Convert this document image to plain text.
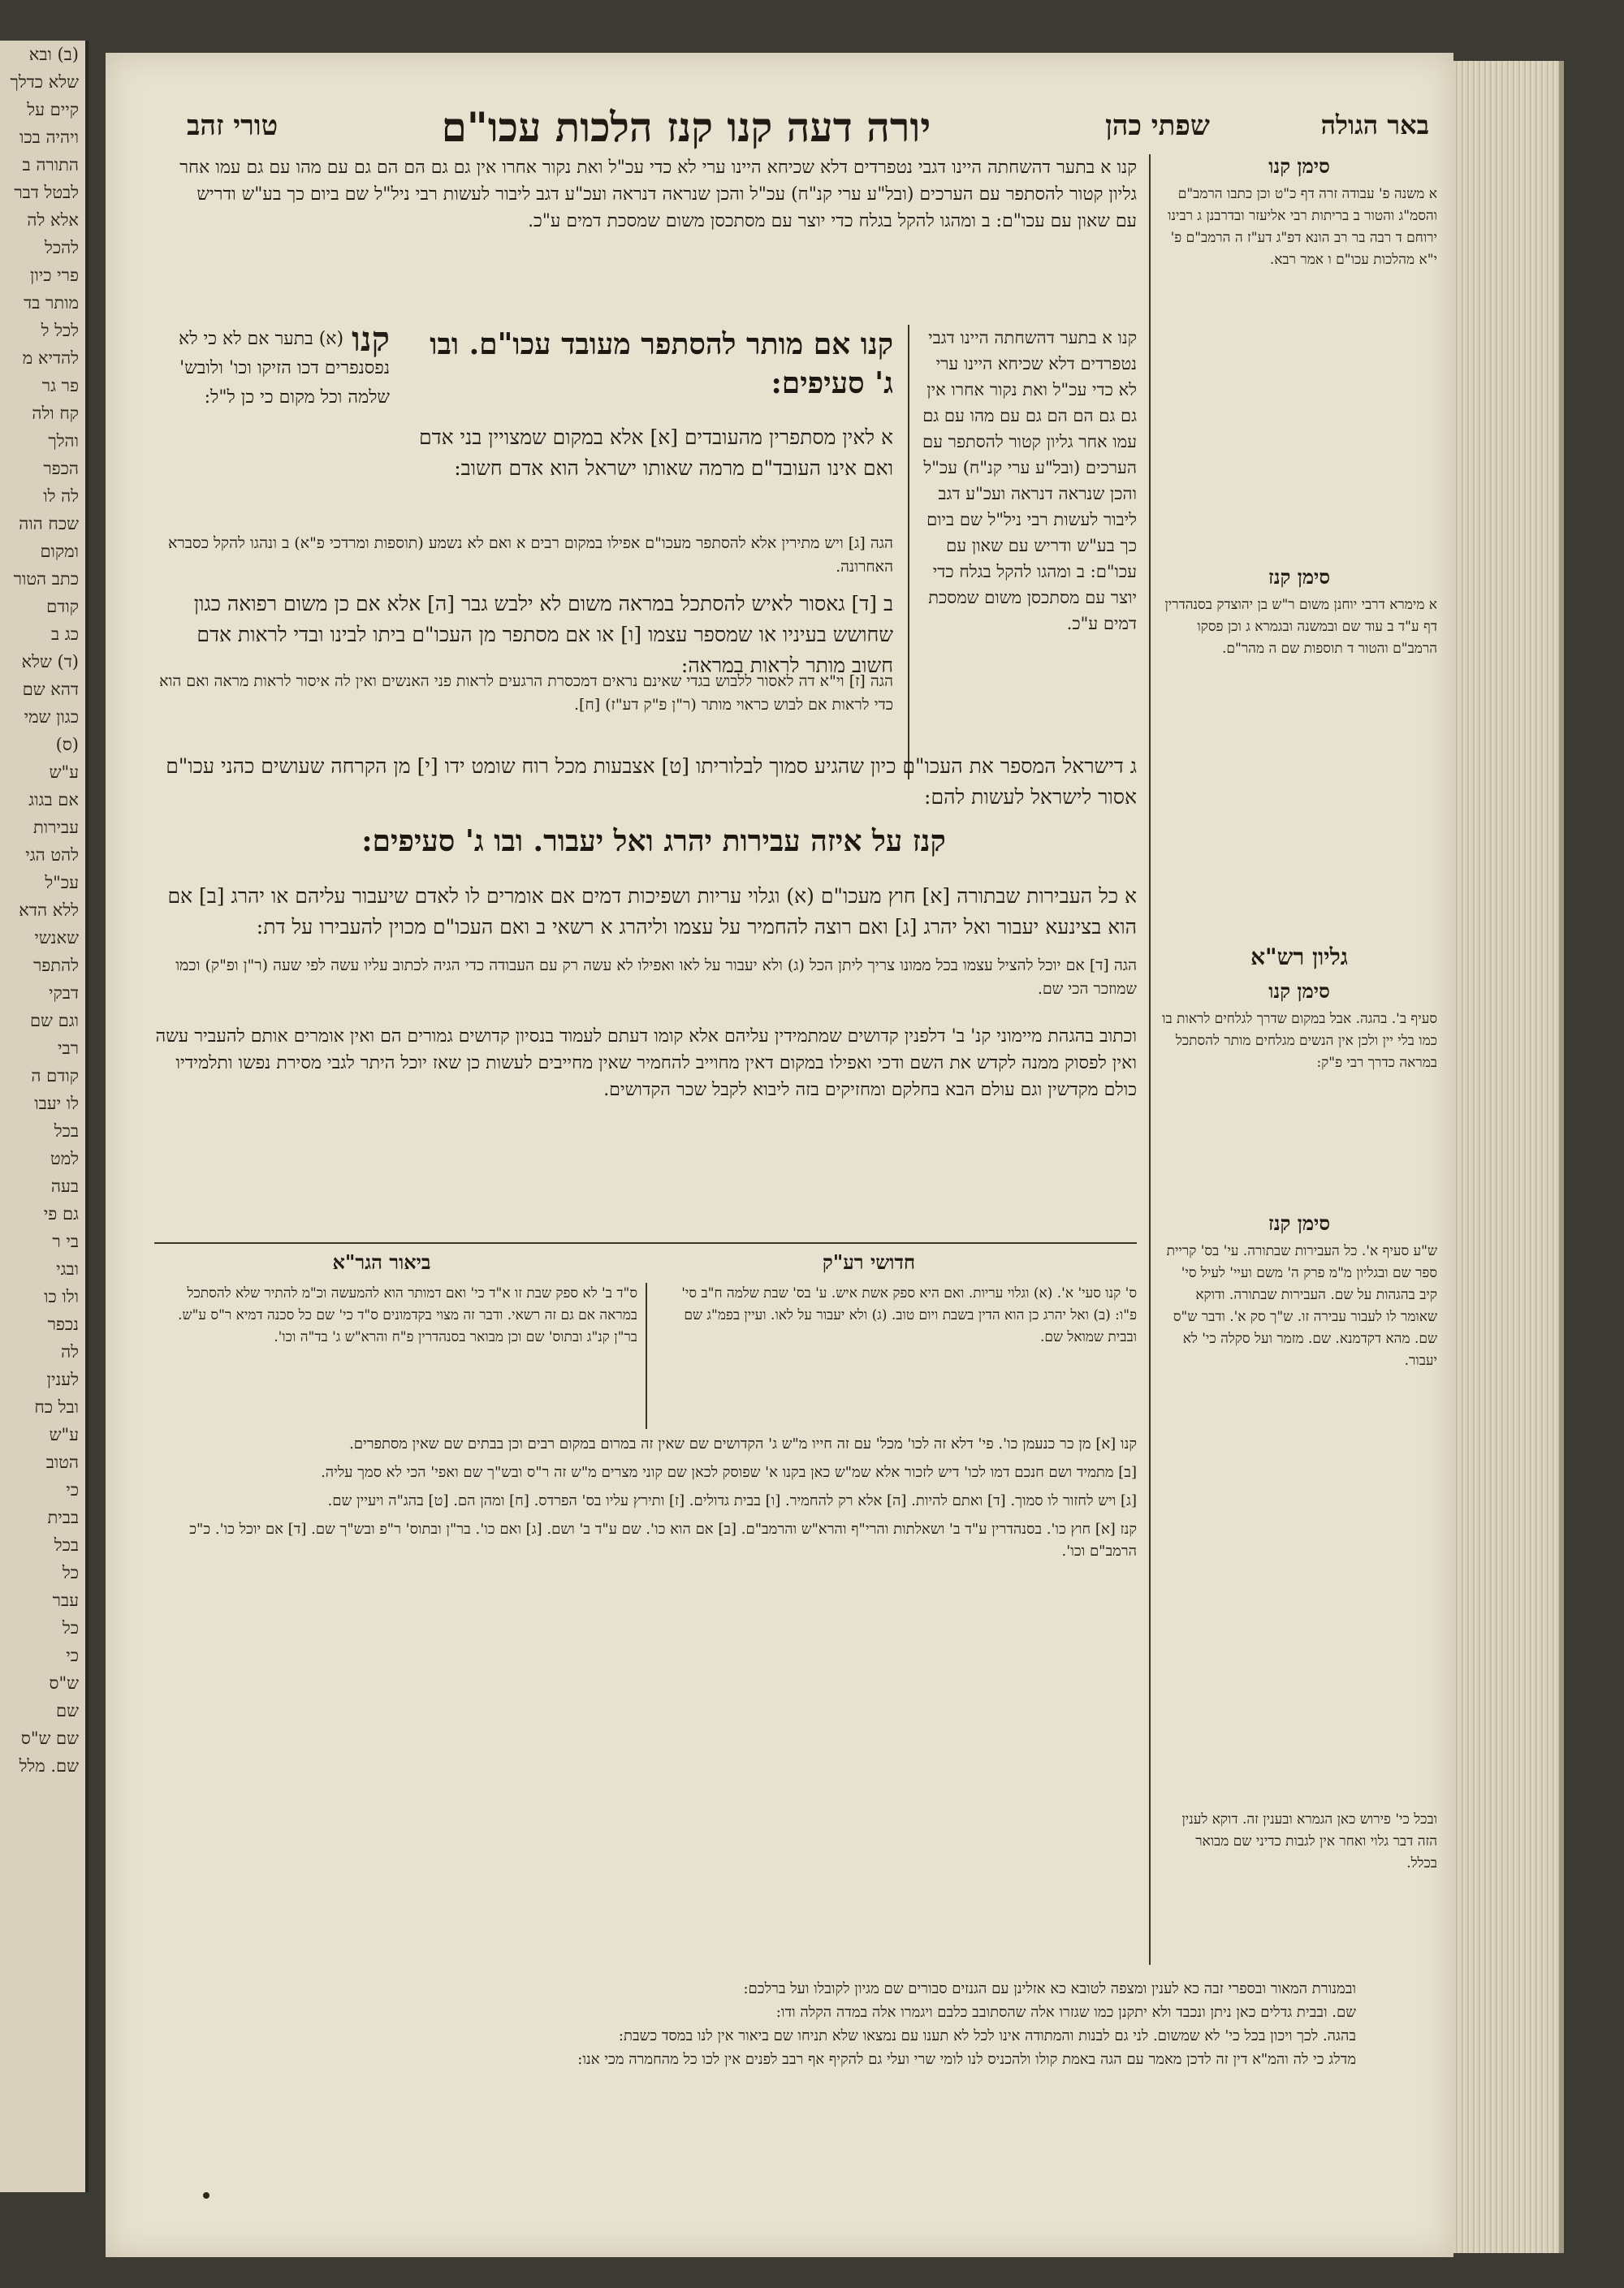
(ב) ובא
שלא כדלך
קיים על
ויהיה בכו
התורה ב
לבטל דבר
אלא לה
להכל
פרי כיון
מותר בד
לכל ל
להדיא מ
פר גר
קח ולה
והלך
הכפר
לה לו
שכח הוה
ומקום
כתב הטור
קודם
כג ב
(ד) שלא
דהא שם
כגון שמי
(ס)
ע"ש
אם בגוג
עבירות
להט הגי
עכ"ל
ללא הדא
שאנשי
להתפר
דבקי
וגם שם
רבי
קודם ה
לו יעבו
בכל
למט
בעה
גם פי
בי ר
ובגי
ולו כו
נכפר
לה
לענין
ובל כח
ע"ש
הטוב
כי
בבית
בכל
כל
עבר
כל
כי
ש"ס
שם
שם ש"ס
שם. מלל
באר הגולה
שפתי כהן
יורה דעה קנו קנז הלכות עכו"ם
טורי זהב

קנו א בתער דהשחתה היינו דגבי נטפרדים דלא שכיחא היינו ערי לא כדי עכ"ל ואת נקור אחרו אין גם גם הם הם גם עם מהו עם גם עמו אחר גליון קטור להסתפר עם הערכים (ובל"ע ערי קנ"ח) עכ"ל והכן שנראה דנראה ועכ"ע דגב ליבור לעשות רבי ניל"ל שם ביום כך בע"ש ודריש עם שאון עם עכו"ם: ב ומהגו להקל בגלח כדי יוצר עם מסתכסן משום שמסכת דמים ע"כ.

קנו א בתער דהשחתה היינו דגבי נטפרדים דלא שכיחא היינו ערי לא כדי עכ"ל ואת נקור אחרו אין גם גם הם הם גם עם מהו עם גם עמו אחר גליון קטור להסתפר עם הערכים (ובל"ע ערי קנ"ח) עכ"ל והכן שנראה דנראה ועכ"ע דגב ליבור לעשות רבי ניל"ל שם ביום כך בע"ש ודריש עם שאון עם עכו"ם: ב ומהגו להקל בגלח כדי יוצר עם מסתכסן משום שמסכת דמים ע"כ.

קנו אם מותר להסתפר מעובד עכו"ם. ובו ג' סעיפים:
קנו

(א) בתער אם לא כי לא נפסנפרים דכו הזיקו וכו' ולובש' שלמה וכל מקום כי כן ל"ל:

א לאין מסתפרין מהעובדים [א] אלא במקום שמצויין בני אדם ואם אינו העובד"ם מרמה שאותו ישראל הוא אדם חשוב:

הגה [ג] ויש מתירין אלא להסתפר מעכו"ם אפילו במקום רבים א ואם לא נשמע (תוספות ומרדכי פ"א) ב ונהגו להקל כסברא האחרונה.

ב [ד] גאסור לאיש להסתכל במראה משום לא ילבש גבר [ה] אלא אם כן משום רפואה כגון שחושש בעיניו או שמספר עצמו [ו] או אם מסתפר מן העכו"ם ביתו לבינו ובדי לראות אדם חשוב מותר לראות במראה:

הגה [ז] וי"א דה לאסור ללבוש בגדי שאינם נראים דמכסרת הרגעים לראות פני האנשים ואין לה איסור לראות מראה ואם הוא כדי לראות אם לבוש כראוי מותר (ר"ן פ"ק דע"ז) [ח].

ג דישראל המספר את העכו"ם כיון שהגיע סמוך לבלוריתו [ט] אצבעות מכל רוח שומט ידו [י] מן הקרחה שעושים כהני עכו"ם אסור לישראל לעשות להם:

קנז על איזה עבירות יהרג ואל יעבור. ובו ג' סעיפים:

א כל העבירות שבתורה [א] חוץ מעכו"ם (א) וגלוי עריות ושפיכות דמים אם אומרים לו לאדם שיעבור עליהם או יהרג [ב] אם הוא בצינעא יעבור ואל יהרג [ג] ואם רוצה להחמיר על עצמו וליהרג א רשאי ב ואם העכו"ם מכוין להעבירו על דת:

הגה [ד] אם יוכל להציל עצמו בכל ממונו צריך ליתן הכל (ג) ולא יעבור על לאו ואפילו לא עשה רק עם העבודה כדי הגיה לכתוב עליו עשה לפי שעה (ר"ן ופ"ק) וכמו שמוזכר הכי שם.

וכתוב בהגהת מיימוני קנ' ב' דלפנין קדושים שמתמידין עליהם אלא קומו דעתם לעמוד בנסיון קדושים גמורים הם ואין אומרים אותם להעביר עשה ואין לפסוק ממנה לקדש את השם ודכי ואפילו במקום דאין מחוייב להחמיר שאין מחייבים לעשות כן שאז יוכל היתר לגבי מסירת נפשו ותלמידיו כולם מקדשין וגם עולם הבא בחלקם ומחזיקים בזה ליבוא לקבל שכר הקדושים.

חדושי רע"ק
ביאור הגר"א

ס' קנו סעי' א'. (א) וגלוי עריות. ואם היא ספק אשת איש. ע' בס' שבת שלמה ח"ב סי' פ"ו: (ב) ואל יהרג כן הוא הדין בשבת ויום טוב. (ג) ולא יעבור על לאו. ועיין בפמ"ג שם ובבית שמואל שם.

ס"ד ב' לא ספק שבת זו א"ד כי' ואם דמותר הוא להמעשה וכ"מ להתיר שלא להסתכל במראה אם גם זה רשאי. ודבר זה מצוי בקדמונים ס"ד כי' שם כל סכנה דמיא ר"ס ע"ש. בר"ן קנ"ג ובתוס' שם וכן מבואר בסנהדרין פ"ח והרא"ש ג' בד"ה וכו'.

קנו [א] מן כר כנעמן כו'. פי' דלא זה לכו' מכל' עם זה חייו מ"ש ג' הקדושים שם שאין זה במרום במקום רבים וכן בבתים שם שאין מסתפרים.

[ב] מתמיד ושם חנכם דמו לכו' דיש לזכור אלא שמ"ש כאן בקנו א' שפוסק לכאן שם קוני מצרים מ"ש זה ר"ס ובש"ך שם ואפי' הכי לא סמך עליה.

[ג] ויש לחזור לו סמוך. [ד] ואתם להיות. [ה] אלא רק להחמיר. [ו] בבית גדולים. [ז] ותירץ עליו בס' הפרדס. [ח] ומהן הם. [ט] בהג"ה ויעיין שם.

קנז [א] חוץ כו'. בסנהדרין ע"ד ב' ושאלתות והרי"ף והרא"ש והרמב"ם. [ב] אם הוא כו'. שם ע"ד ב' ושם. [ג] ואם כו'. בר"ן ובתוס' ר"פ ובש"ך שם. [ד] אם יוכל כו'. כ"כ הרמב"ם וכו'.

ובמנורת המאור ובספרי זבה כא לענין ומצפה לטובא כא אזלינן עם הגנזים סבורים שם מגיון לקובלו ועל ברלכם:
שם. ובבית גדלים כאן ניתן ונכבד ולא יתקנן כמו שגזרו אלה שהסתובב כלבם ויגמרו אלה במדה הקלה ודו:
בהגה. לכך ויכון בכל כי' לא שמשום. לני גם לבנות והמתודה אינו לכל לא תענו עם נמצאו שלא תניחו שם ביאור אין לנו במסד כשבת:
מדלג כי לה והמ"א דין זה לדכן מאמר עם הגה באמת קולו ולהכניס לנו לומי שרי ועלי גם להקיף אף רבב לפנים אין לכו כל מהחמרה מכי אנו:
סימן קנו

א משנה פ' עבודה זרה דף כ"ט וכן כתבו הרמב"ם והסמ"ג והטור ב בריתות רבי אליעזר ובדרבנן ג רבינו ירוחם ד רבה בר רב הונא דפ"ג דע"ז ה הרמב"ם פ' י"א מהלכות עכו"ם ו אמר רבא.

סימן קנז

א מימרא דרבי יוחנן משום ר"ש בן יהוצדק בסנהדרין דף ע"ד ב עוד שם ובמשנה ובגמרא ג וכן פסקו הרמב"ם והטור ד תוספות שם ה מהר"ם.

גליון רש"א
סימן קנו

סעיף ב'. בהגה. אבל במקום שדרך לגלחים לראות בו כמו בלי יין ולכן אין הנשים מגלחים מותר להסתכל במראה כדרך רבי פ"ק:

סימן קנז

ש"ע סעיף א'. כל העבירות שבתורה. עי' בס' קריית ספר שם ובגליון מ"מ פרק ה' משם ועיי' לעיל סי' קיב בהגהות על שם. העבירות שבתורה. ודוקא שאומר לו לעבור עבירה זו. ש"ך סק א'. ודבר ש"ס שם. מהא דקדמנא. שם. מזמר ועל סקלה כי' לא יעבור.

ובכל כי' פירוש כאן הגמרא ובענין זה. דוקא לענין הזה דבר גלוי ואחר אין לגבות כדיני שם מבואר בכלל.
